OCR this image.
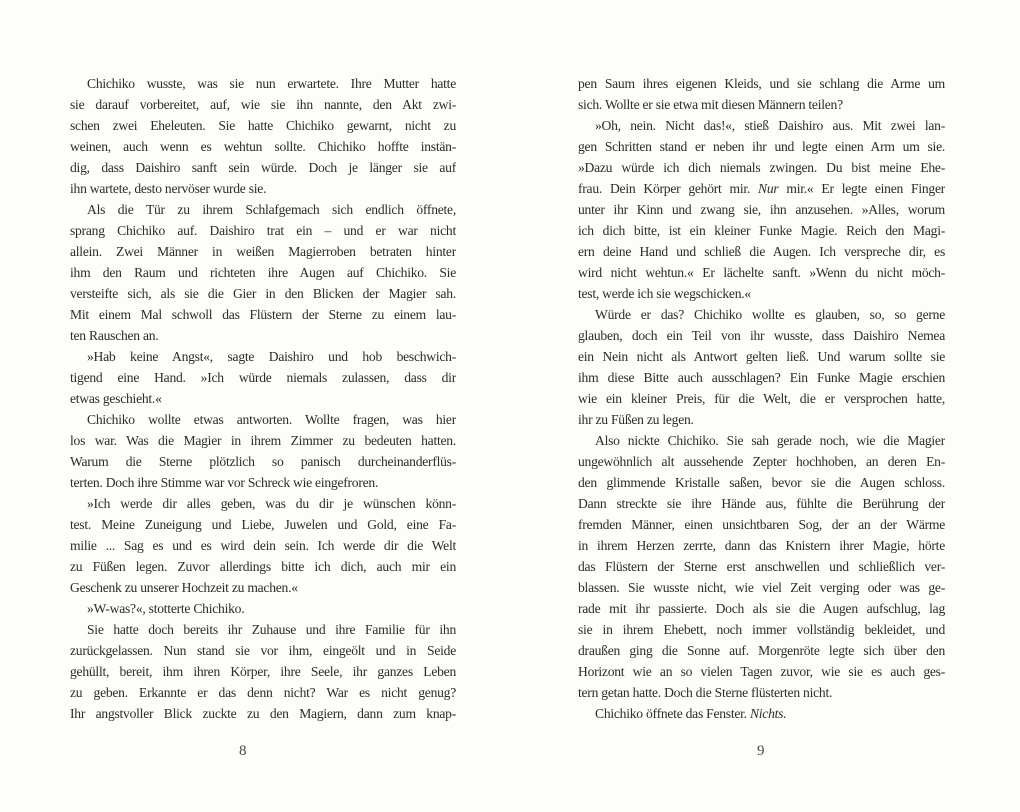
Chichiko wusste, was sie nun erwartete. Ihre Mutter hatte
sie darauf vorbereitet, auf, wie sie ihn nannte, den Akt zwi-
schen zwei Eheleuten. Sie hatte Chichiko gewarnt, nicht zu
weinen, auch wenn es wehtun sollte. Chichiko hoffte instän-
dig, dass Daishiro sanft sein würde. Doch je länger sie auf
ihn wartete, desto nervöser wurde sie.
Als die Tür zu ihrem Schlafgemach sich endlich öffnete,
sprang Chichiko auf. Daishiro trat ein – und er war nicht
allein. Zwei Männer in weißen Magierroben betraten hinter
ihm den Raum und richteten ihre Augen auf Chichiko. Sie
versteifte sich, als sie die Gier in den Blicken der Magier sah.
Mit einem Mal schwoll das Flüstern der Sterne zu einem lau-
ten Rauschen an.
»Hab keine Angst«, sagte Daishiro und hob beschwich-
tigend eine Hand. »Ich würde niemals zulassen, dass dir
etwas geschieht.«
Chichiko wollte etwas antworten. Wollte fragen, was hier
los war. Was die Magier in ihrem Zimmer zu bedeuten hatten.
Warum die Sterne plötzlich so panisch durcheinanderflüs-
terten. Doch ihre Stimme war vor Schreck wie eingefroren.
»Ich werde dir alles geben, was du dir je wünschen könn-
test. Meine Zuneigung und Liebe, Juwelen und Gold, eine Fa-
milie ... Sag es und es wird dein sein. Ich werde dir die Welt
zu Füßen legen. Zuvor allerdings bitte ich dich, auch mir ein
Geschenk zu unserer Hochzeit zu machen.«
»W-was?«, stotterte Chichiko.
Sie hatte doch bereits ihr Zuhause und ihre Familie für ihn
zurückgelassen. Nun stand sie vor ihm, eingeölt und in Seide
gehüllt, bereit, ihm ihren Körper, ihre Seele, ihr ganzes Leben
zu geben. Erkannte er das denn nicht? War es nicht genug?
Ihr angstvoller Blick zuckte zu den Magiern, dann zum knap-
pen Saum ihres eigenen Kleids, und sie schlang die Arme um
sich. Wollte er sie etwa mit diesen Männern teilen?
»Oh, nein. Nicht das!«, stieß Daishiro aus. Mit zwei lan-
gen Schritten stand er neben ihr und legte einen Arm um sie.
»Dazu würde ich dich niemals zwingen. Du bist meine Ehe-
frau. Dein Körper gehört mir. Nur mir.« Er legte einen Finger
unter ihr Kinn und zwang sie, ihn anzusehen. »Alles, worum
ich dich bitte, ist ein kleiner Funke Magie. Reich den Magi-
ern deine Hand und schließ die Augen. Ich verspreche dir, es
wird nicht wehtun.« Er lächelte sanft. »Wenn du nicht möch-
test, werde ich sie wegschicken.«
Würde er das? Chichiko wollte es glauben, so, so gerne
glauben, doch ein Teil von ihr wusste, dass Daishiro Nemea
ein Nein nicht als Antwort gelten ließ. Und warum sollte sie
ihm diese Bitte auch ausschlagen? Ein Funke Magie erschien
wie ein kleiner Preis, für die Welt, die er versprochen hatte,
ihr zu Füßen zu legen.
Also nickte Chichiko. Sie sah gerade noch, wie die Magier
ungewöhnlich alt aussehende Zepter hochhoben, an deren En-
den glimmende Kristalle saßen, bevor sie die Augen schloss.
Dann streckte sie ihre Hände aus, fühlte die Berührung der
fremden Männer, einen unsichtbaren Sog, der an der Wärme
in ihrem Herzen zerrte, dann das Knistern ihrer Magie, hörte
das Flüstern der Sterne erst anschwellen und schließlich ver-
blassen. Sie wusste nicht, wie viel Zeit verging oder was ge-
rade mit ihr passierte. Doch als sie die Augen aufschlug, lag
sie in ihrem Ehebett, noch immer vollständig bekleidet, und
draußen ging die Sonne auf. Morgenröte legte sich über den
Horizont wie an so vielen Tagen zuvor, wie sie es auch ges-
tern getan hatte. Doch die Sterne flüsterten nicht.
Chichiko öffnete das Fenster. Nichts.
8	9
